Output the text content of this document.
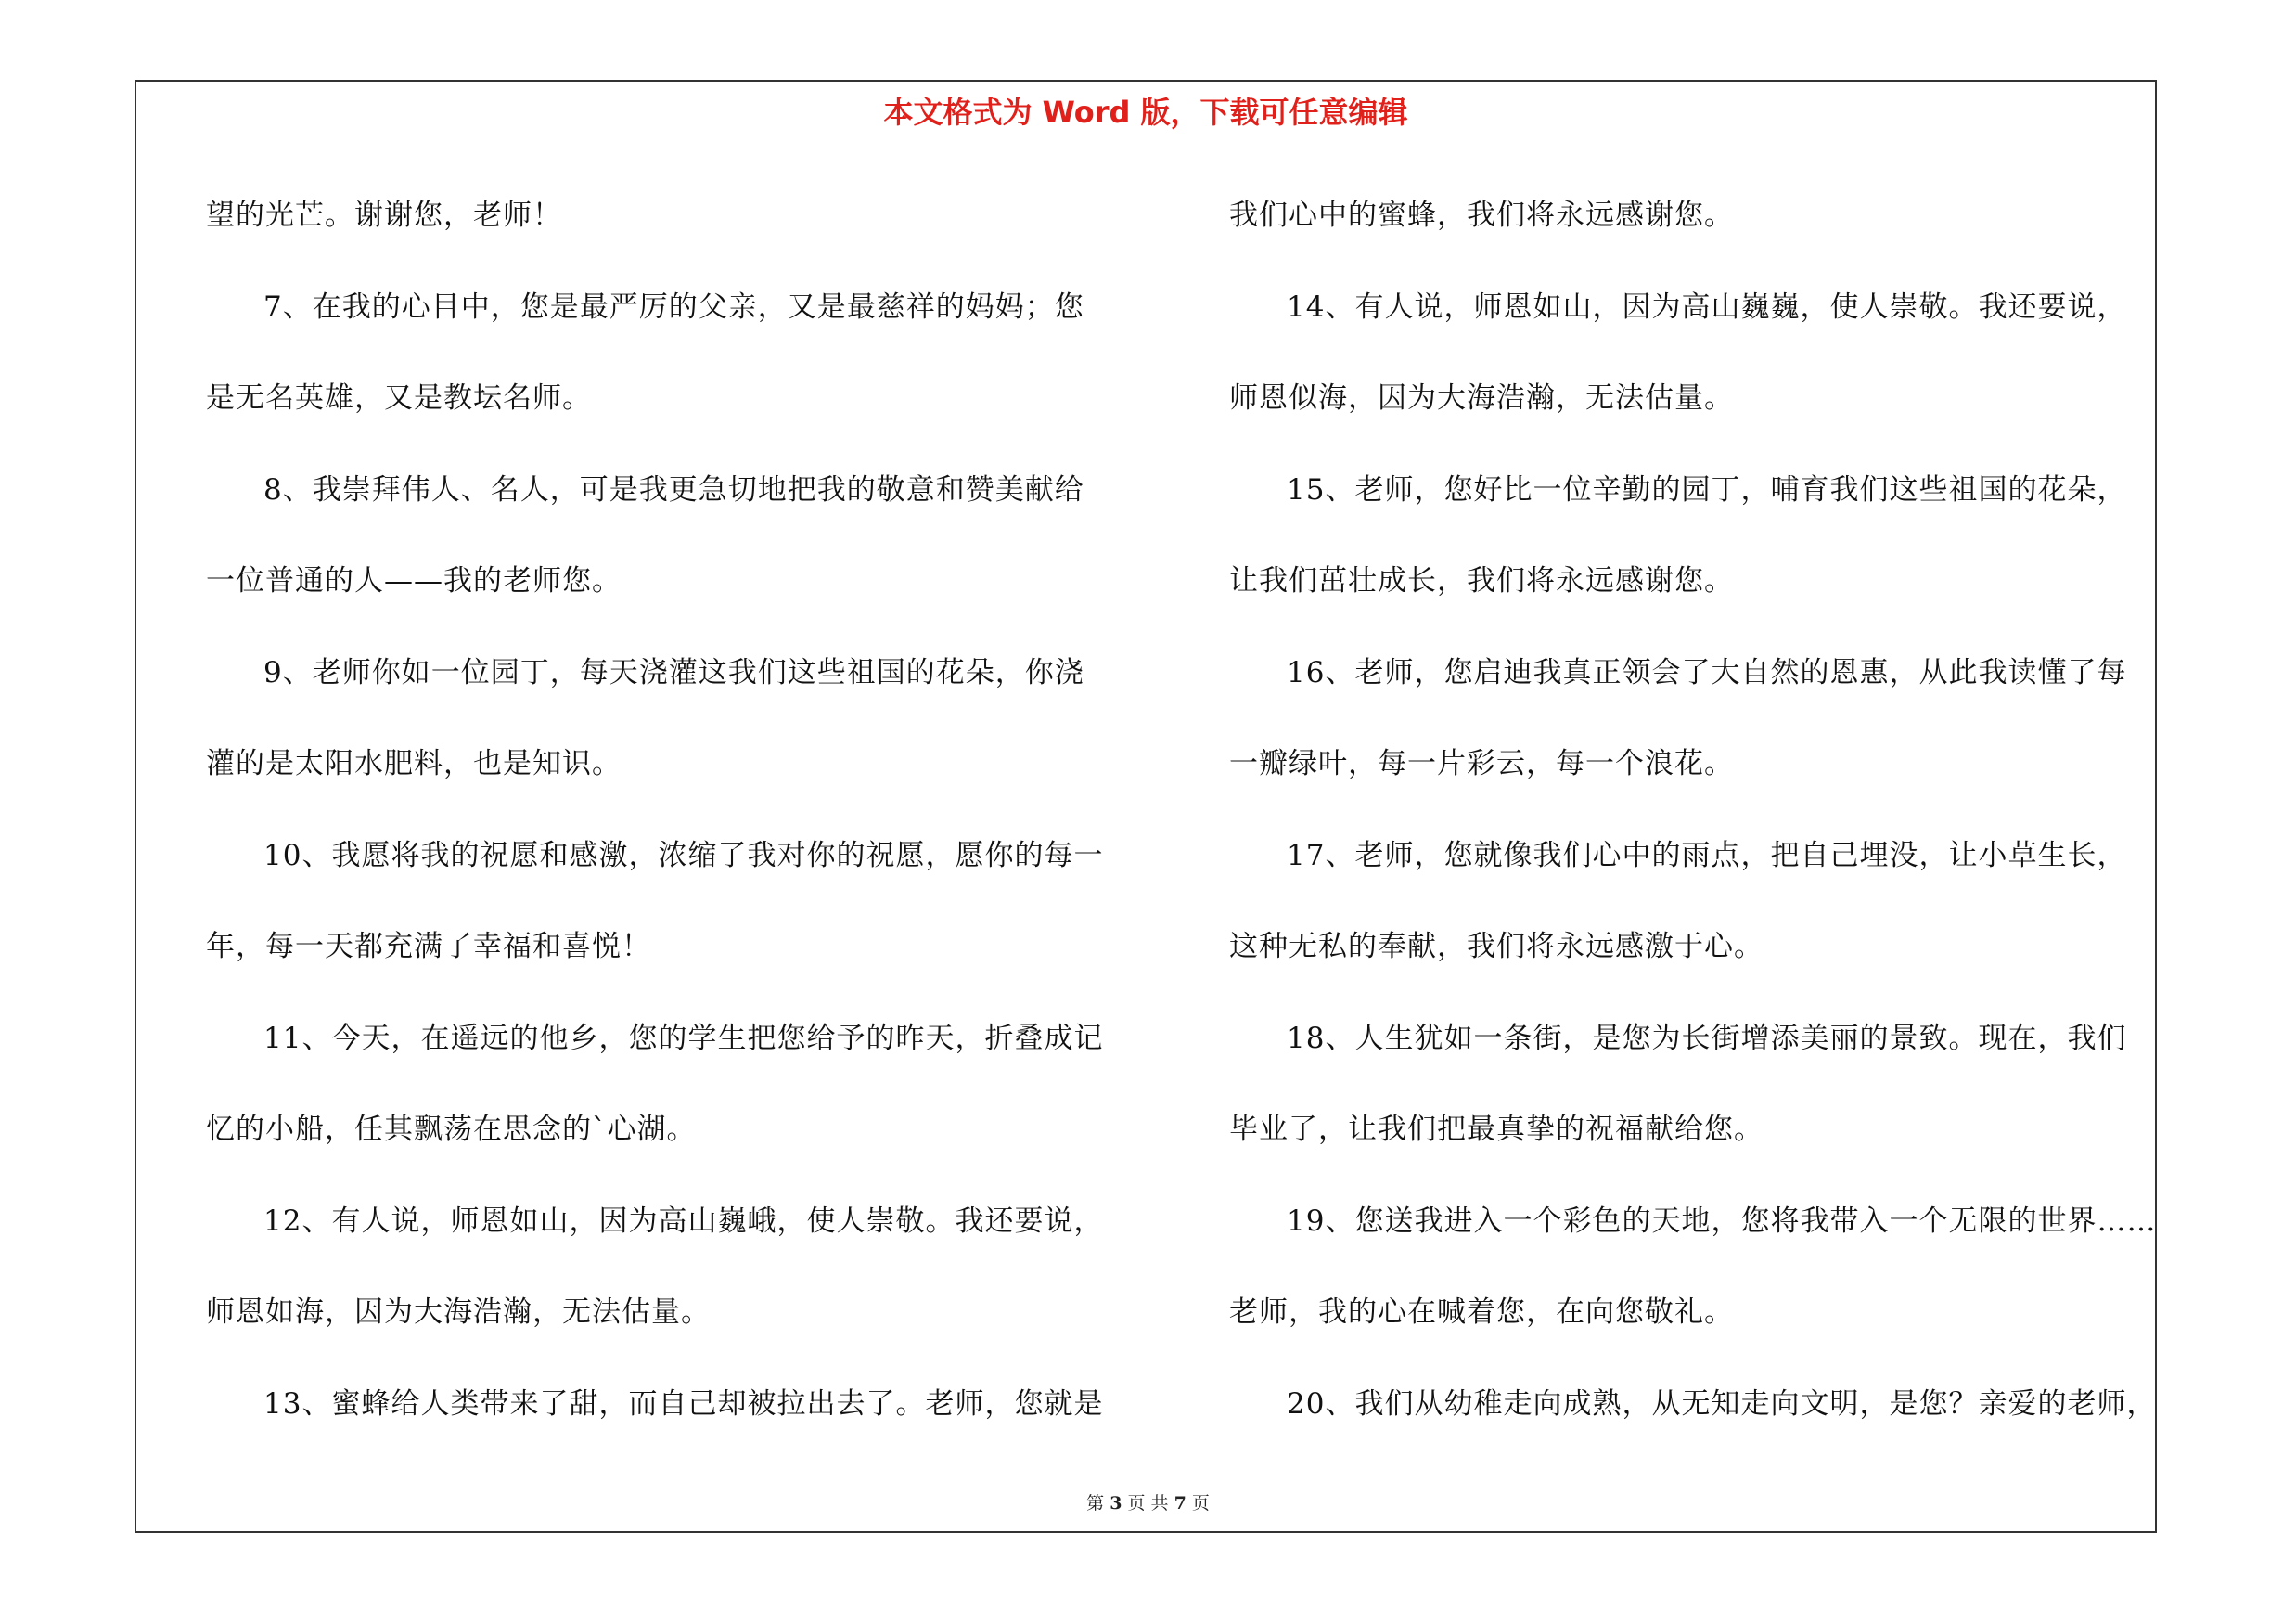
本文格式为 Word 版，下载可任意编辑
望的光芒。谢谢您，老师！
7、在我的心目中，您是最严厉的父亲，又是最慈祥的妈妈；您
是无名英雄，又是教坛名师。
8、我崇拜伟人、名人，可是我更急切地把我的敬意和赞美献给
一位普通的人——我的老师您。
9、老师你如一位园丁，每天浇灌这我们这些祖国的花朵，你浇
灌的是太阳水肥料，也是知识。
10、我愿将我的祝愿和感激，浓缩了我对你的祝愿，愿你的每一
年，每一天都充满了幸福和喜悦！
11、今天，在遥远的他乡，您的学生把您给予的昨天，折叠成记
忆的小船，任其飘荡在思念的`心湖。
12、有人说，师恩如山，因为高山巍峨，使人崇敬。我还要说，
师恩如海，因为大海浩瀚，无法估量。
13、蜜蜂给人类带来了甜，而自己却被拉出去了。老师，您就是
我们心中的蜜蜂，我们将永远感谢您。
14、有人说，师恩如山，因为高山巍巍，使人崇敬。我还要说，
师恩似海，因为大海浩瀚，无法估量。
15、老师，您好比一位辛勤的园丁，哺育我们这些祖国的花朵，
让我们茁壮成长，我们将永远感谢您。
16、老师，您启迪我真正领会了大自然的恩惠，从此我读懂了每
一瓣绿叶，每一片彩云，每一个浪花。
17、老师，您就像我们心中的雨点，把自己埋没，让小草生长，
这种无私的奉献，我们将永远感激于心。
18、人生犹如一条街，是您为长街增添美丽的景致。现在，我们
毕业了，让我们把最真挚的祝福献给您。
19、您送我进入一个彩色的天地，您将我带入一个无限的世界……
老师，我的心在喊着您，在向您敬礼。
20、我们从幼稚走向成熟，从无知走向文明，是您？亲爱的老师，
第 3 页 共 7 页
